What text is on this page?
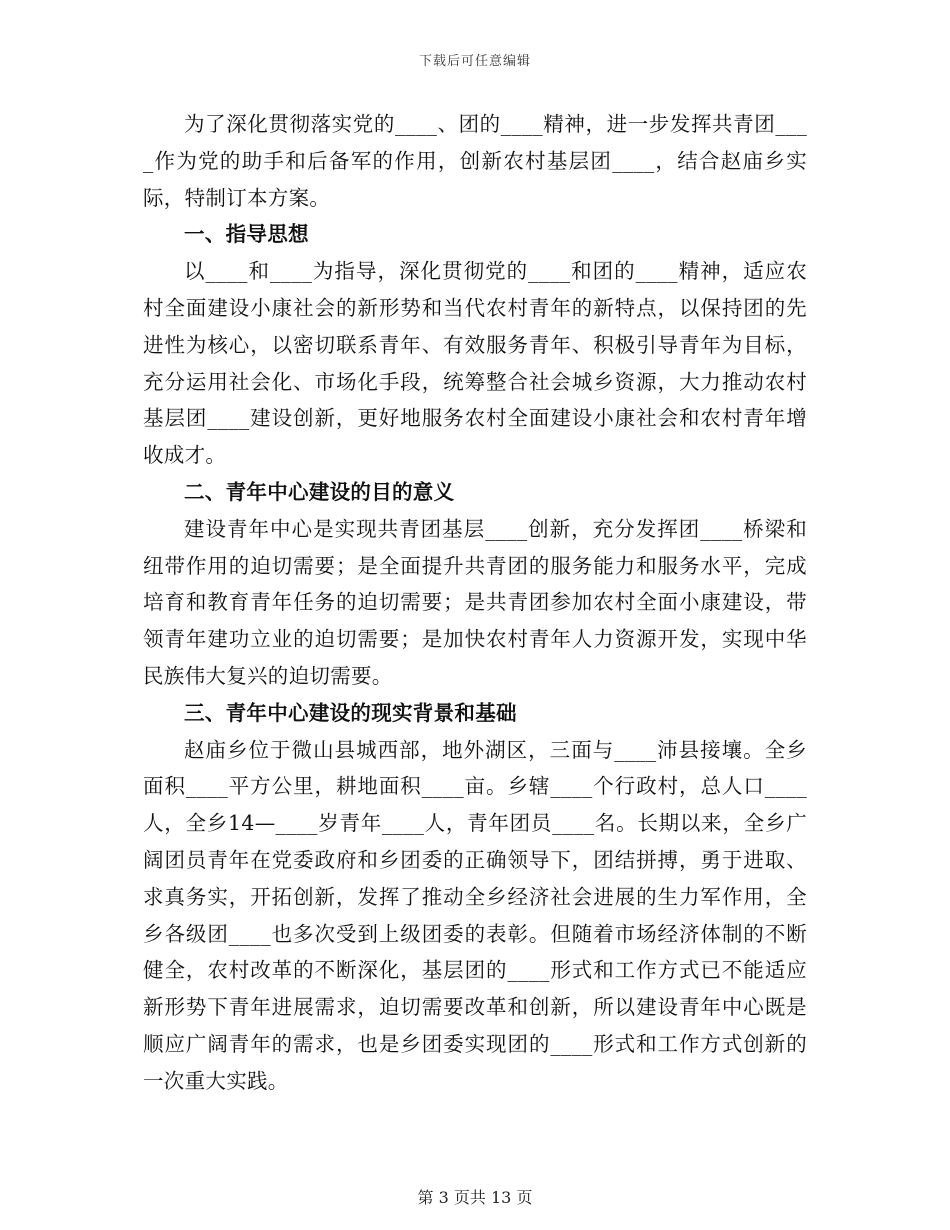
下载后可任意编辑

为了深化贯彻落实党的____、团的____精神，进一步发挥共青团____作为党的助手和后备军的作用，创新农村基层团____，结合赵庙乡实际，特制订本方案。

一、指导思想

以____和____为指导，深化贯彻党的____和团的____精神，适应农村全面建设小康社会的新形势和当代农村青年的新特点，以保持团的先进性为核心，以密切联系青年、有效服务青年、积极引导青年为目标，充分运用社会化、市场化手段，统筹整合社会城乡资源，大力推动农村基层团____建设创新，更好地服务农村全面建设小康社会和农村青年增收成才。

二、青年中心建设的目的意义

建设青年中心是实现共青团基层____创新，充分发挥团____桥梁和纽带作用的迫切需要；是全面提升共青团的服务能力和服务水平，完成培育和教育青年任务的迫切需要；是共青团参加农村全面小康建设，带领青年建功立业的迫切需要；是加快农村青年人力资源开发，实现中华民族伟大复兴的迫切需要。

三、青年中心建设的现实背景和基础

赵庙乡位于微山县城西部，地外湖区，三面与____沛县接壤。全乡面积____平方公里，耕地面积____亩。乡辖____个行政村，总人口____人，全乡14—____岁青年____人，青年团员____名。长期以来，全乡广阔团员青年在党委政府和乡团委的正确领导下，团结拼搏，勇于进取、求真务实，开拓创新，发挥了推动全乡经济社会进展的生力军作用，全乡各级团____也多次受到上级团委的表彰。但随着市场经济体制的不断健全，农村改革的不断深化，基层团的____形式和工作方式已不能适应新形势下青年进展需求，迫切需要改革和创新，所以建设青年中心既是顺应广阔青年的需求，也是乡团委实现团的____形式和工作方式创新的一次重大实践。

第 3 页共 13 页
